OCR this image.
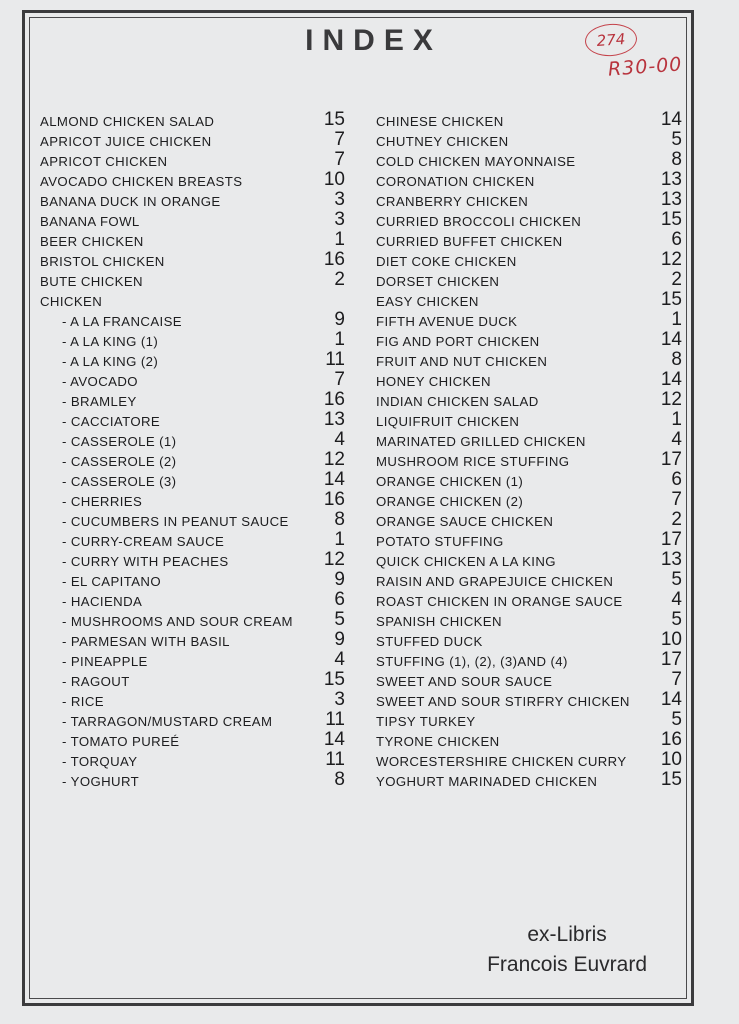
INDEX	274
R30-00
ALMOND CHICKEN SALAD	15
APRICOT JUICE CHICKEN	7
APRICOT CHICKEN	7
AVOCADO CHICKEN BREASTS	10
BANANA DUCK IN ORANGE	3
BANANA FOWL	3
BEER CHICKEN	1
BRISTOL CHICKEN	16
BUTE CHICKEN	2
CHICKEN
- A LA FRANCAISE	9
- A LA KING (1)	1
- A LA KING (2)	11
- AVOCADO	7
- BRAMLEY	16
- CACCIATORE	13
- CASSEROLE (1)	4
- CASSEROLE (2)	12
- CASSEROLE (3)	14
- CHERRIES	16
- CUCUMBERS IN PEANUT SAUCE 8
- CURRY-CREAM SAUCE	1
- CURRY WITH PEACHES	12
- EL CAPITANO	9
- HACIENDA	6
- MUSHROOMS AND SOUR CREAM 5
- PARMESAN WITH BASIL	9
- PINEAPPLE	4
- RAGOUT	15
- RICE	3
- TARRAGON/MUSTARD CREAM	11
- TOMATO PUREÉ	14
- TORQUAY	11
- YOGHURT	8
CHINESE CHICKEN	14
CHUTNEY CHICKEN	5
COLD CHICKEN MAYONNAISE	8
CORONATION CHICKEN	13
CRANBERRY CHICKEN	13
CURRIED BROCCOLI CHICKEN	15
CURRIED BUFFET CHICKEN	6
DIET COKE CHICKEN	12
DORSET CHICKEN	2
EASY CHICKEN	15
FIFTH AVENUE DUCK	1
FIG AND PORT CHICKEN	14
FRUIT AND NUT CHICKEN	8
HONEY CHICKEN	14
INDIAN CHICKEN SALAD	12
LIQUIFRUIT CHICKEN	1
MARINATED GRILLED CHICKEN	4
MUSHROOM RICE STUFFING	17
ORANGE CHICKEN (1)	6
ORANGE CHICKEN (2)	7
ORANGE SAUCE CHICKEN	2
POTATO STUFFING	17
QUICK CHICKEN A LA KING	13
RAISIN AND GRAPEJUICE CHICKEN	5
ROAST CHICKEN IN ORANGE SAUCE	4
SPANISH CHICKEN	5
STUFFED DUCK	10
STUFFING (1), (2), (3)AND (4)	17
SWEET AND SOUR SAUCE	7
SWEET AND SOUR STIRFRY CHICKEN 14
TIPSY TURKEY	5
TYRONE CHICKEN	16
WORCESTERSHIRE CHICKEN CURRY 10
YOGHURT MARINADED CHICKEN	15
ex-Libris
Francois Euvrard
